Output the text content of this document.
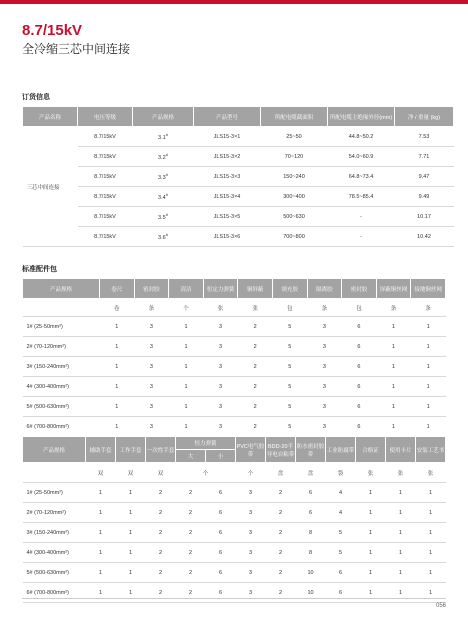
8.7/15kV
全冷缩三芯中间连接
订货信息
产品名称	电压等级	产品规格	产品型号	所配电缆截面积	所配电缆主绝缘外径(mm)	净 / 重量 (kg)
三芯中间连接	8.7/15kV	3.1#	JLS15-3×1	25~50	44.8~50.2	7.53
	8.7/15kV	3.2#	JLS15-3×2	70~120	54.0~60.9	7.71
	8.7/15kV	3.3#	JLS15-3×3	150~240	64.8~73.4	9.47
	8.7/15kV	3.4#	JLS15-3×4	300~400	78.5~85.4	9.49
	8.7/15kV	3.5#	JLS15-3×5	500~630	-	10.17
	8.7/15kV	3.6#	JLS15-3×6	700~800	-	10.42
标准配件包
产品规格	卷尺	密封胶	清洁	恒定力弹簧	铜屏蔽	填充胶	隔离胶	密封胶	屏蔽铜丝网	接地铜丝网
	卷	条	个	张	张	包	条	包	条	条
1# (25-50mm²)	1	3	1	3	2	5	3	6	1	1
2# (70-120mm²)	1	3	1	3	2	5	3	6	1	1
3# (150-240mm²)	1	3	1	3	2	5	3	6	1	1
4# (300-400mm²)	1	3	1	3	2	5	3	6	1	1
5# (500-630mm²)	1	3	1	3	2	5	3	6	1	1
6# (700-800mm²)	1	3	1	3	2	5	3	6	1	1
产品规格	辅助手套	工作手套	一次性手套	恒力弹簧		PVC电气胶带	BDD-20半导电自粘带	防水密封胶带	工业防腐带	合格证	使用卡片	安装工艺书
				大	小							
	双	双	双	个		个	盘	盘	袋	张	张	张
1# (25-50mm²)	1	1	2	2	6	3	2	6	4	1	1	1
2# (70-120mm²)	1	1	2	2	6	3	2	6	4	1	1	1
3# (150-240mm²)	1	1	2	2	6	3	2	8	5	1	1	1
4# (300-400mm²)	1	1	2	2	6	3	2	8	5	1	1	1
5# (500-630mm²)	1	1	2	2	6	3	2	10	6	1	1	1
6# (700-800mm²)	1	1	2	2	6	3	2	10	6	1	1	1
056
